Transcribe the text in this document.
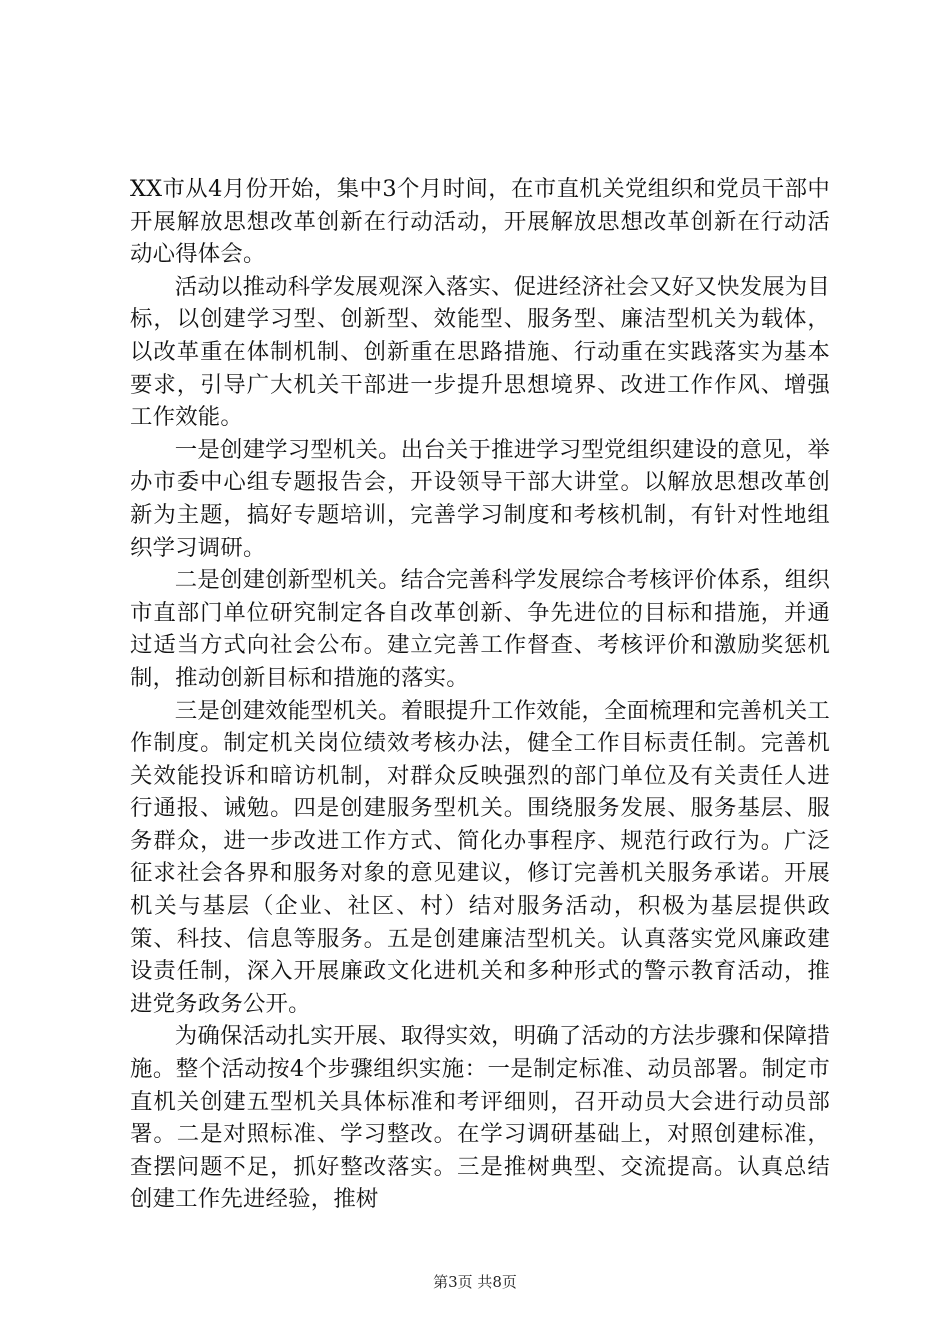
XX市从4月份开始，集中3个月时间，在市直机关党组织和党员干部中开展解放思想改革创新在行动活动，开展解放思想改革创新在行动活动心得体会。

活动以推动科学发展观深入落实、促进经济社会又好又快发展为目标，以创建学习型、创新型、效能型、服务型、廉洁型机关为载体，以改革重在体制机制、创新重在思路措施、行动重在实践落实为基本要求，引导广大机关干部进一步提升思想境界、改进工作作风、增强工作效能。

一是创建学习型机关。出台关于推进学习型党组织建设的意见，举办市委中心组专题报告会，开设领导干部大讲堂。以解放思想改革创新为主题，搞好专题培训，完善学习制度和考核机制，有针对性地组织学习调研。

二是创建创新型机关。结合完善科学发展综合考核评价体系，组织市直部门单位研究制定各自改革创新、争先进位的目标和措施，并通过适当方式向社会公布。建立完善工作督查、考核评价和激励奖惩机制，推动创新目标和措施的落实。

三是创建效能型机关。着眼提升工作效能，全面梳理和完善机关工作制度。制定机关岗位绩效考核办法，健全工作目标责任制。完善机关效能投诉和暗访机制，对群众反映强烈的部门单位及有关责任人进行通报、诫勉。四是创建服务型机关。围绕服务发展、服务基层、服务群众，进一步改进工作方式、简化办事程序、规范行政行为。广泛征求社会各界和服务对象的意见建议，修订完善机关服务承诺。开展机关与基层（企业、社区、村）结对服务活动，积极为基层提供政策、科技、信息等服务。五是创建廉洁型机关。认真落实党风廉政建设责任制，深入开展廉政文化进机关和多种形式的警示教育活动，推进党务政务公开。

为确保活动扎实开展、取得实效，明确了活动的方法步骤和保障措施。整个活动按4个步骤组织实施：一是制定标准、动员部署。制定市直机关创建五型机关具体标准和考评细则，召开动员大会进行动员部署。二是对照标准、学习整改。在学习调研基础上，对照创建标准，查摆问题不足，抓好整改落实。三是推树典型、交流提高。认真总结创建工作先进经验，推树

第3页 共8页
